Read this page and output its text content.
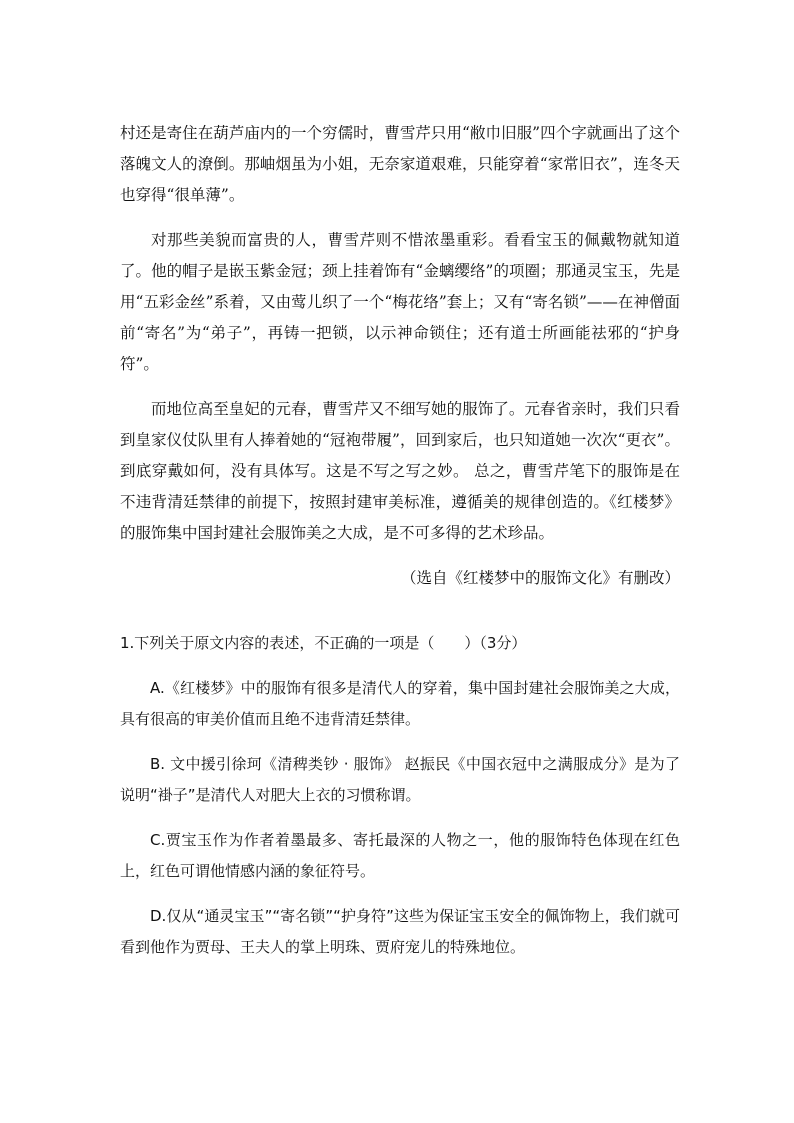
村还是寄住在葫芦庙内的一个穷儒时，曹雪芹只用“敝巾旧服”四个字就画出了这个落魄文人的潦倒。那岫烟虽为小姐，无奈家道艰难，只能穿着“家常旧衣”，连冬天也穿得“很单薄”。

对那些美貌而富贵的人，曹雪芹则不惜浓墨重彩。看看宝玉的佩戴物就知道了。他的帽子是嵌玉紫金冠；颈上挂着饰有“金螭缨络”的项圈；那通灵宝玉，先是用“五彩金丝”系着，又由莺儿织了一个“梅花络”套上；又有“寄名锁”——在神僧面前“寄名”为“弟子”，再铸一把锁，以示神命锁住；还有道士所画能祛邪的“护身符”。

而地位高至皇妃的元春，曹雪芹又不细写她的服饰了。元春省亲时，我们只看到皇家仪仗队里有人捧着她的“冠袍带履”，回到家后，也只知道她一次次“更衣”。到底穿戴如何，没有具体写。这是不写之写之妙。 总之，曹雪芹笔下的服饰是在不违背清廷禁律的前提下，按照封建审美标准，遵循美的规律创造的。《红楼梦》的服饰集中国封建社会服饰美之大成，是不可多得的艺术珍品。

（选自《红楼梦中的服饰文化》有删改）

1.下列关于原文内容的表述，不正确的一项是（　　）（3分）

A.《红楼梦》中的服饰有很多是清代人的穿着，集中国封建社会服饰美之大成，具有很高的审美价值而且绝不违背清廷禁律。

B. 文中援引徐珂《清稗类钞 · 服饰》 赵振民《中国衣冠中之满服成分》是为了说明“褂子”是清代人对肥大上衣的习惯称谓。

C.贾宝玉作为作者着墨最多、寄托最深的人物之一，他的服饰特色体现在红色上，红色可谓他情感内涵的象征符号。

D.仅从“通灵宝玉”“寄名锁”“护身符”这些为保证宝玉安全的佩饰物上，我们就可看到他作为贾母、王夫人的掌上明珠、贾府宠儿的特殊地位。
